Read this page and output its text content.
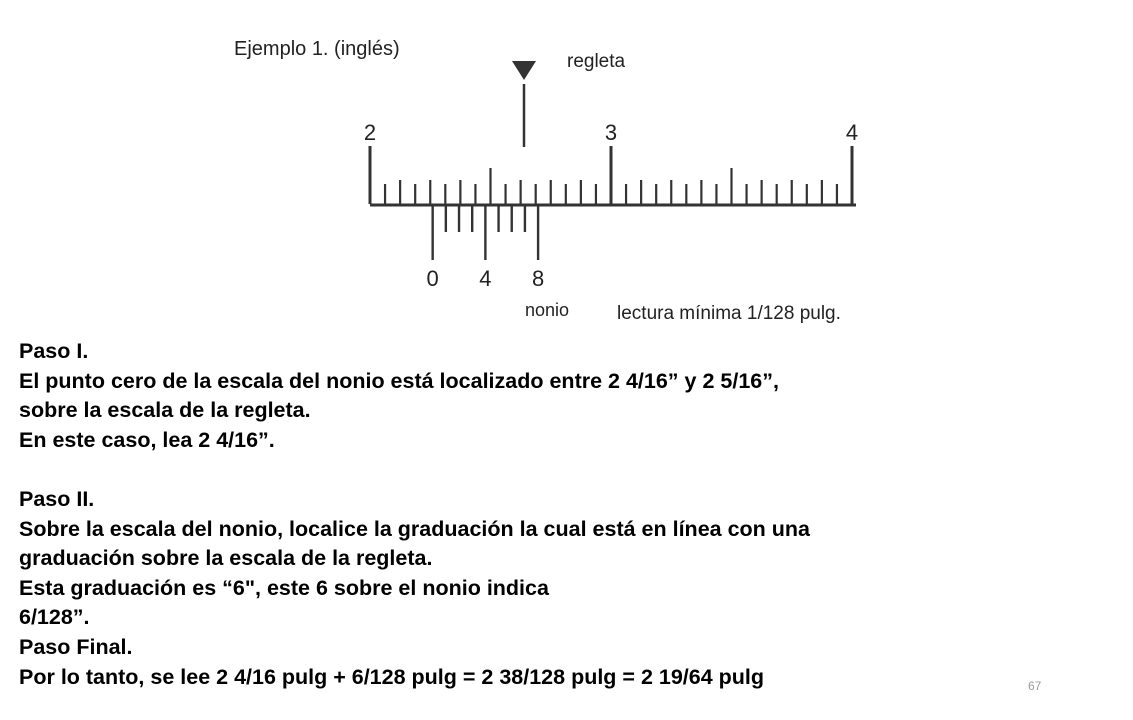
Ejemplo 1. (inglés)
regleta
2	3	4
0 4 8
nonio	lectura mínima 1/128 pulg.
Paso I.
El punto cero de la escala del nonio está localizado entre 2 4/16” y 2 5/16”,
sobre la escala de la regleta.
En este caso, lea 2 4/16”.
Paso II.
Sobre la escala del nonio, localice la graduación la cual está en línea con una
graduación sobre la escala de la regleta.
Esta graduación es “6", este 6 sobre el nonio indica
6/128”.
Paso Final.
Por lo tanto, se lee 2 4/16 pulg + 6/128 pulg = 2 38/128 pulg = 2 19/64 pulg	67
